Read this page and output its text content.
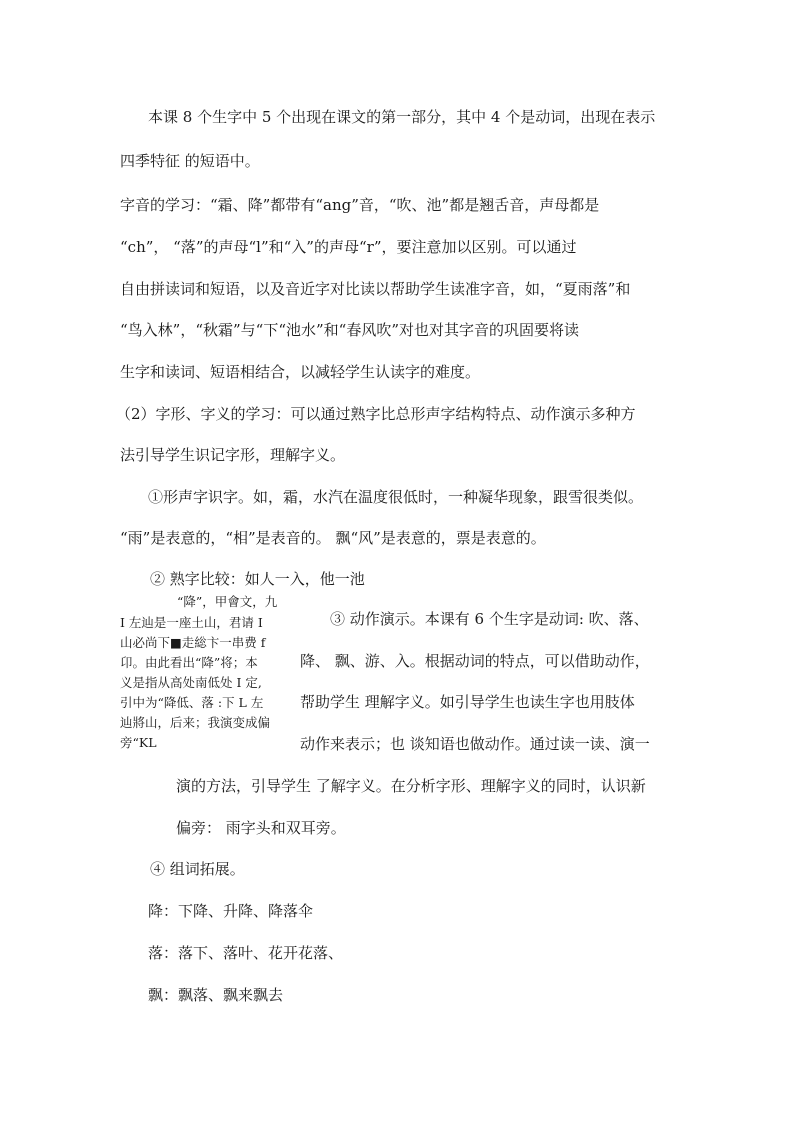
本课 8 个生字中 5 个出现在课文的第一部分，其中 4 个是动词，出现在表示
四季特征 的短语中。
字音的学习：“霜、降”都带有“ang”音，“吹、池”都是翘舌音，声母都是
“ch”， “落”的声母“l”和“入”的声母“r”，要注意加以区别。可以通过
自由拼读词和短语，以及音近字对比读以帮助学生读准字音，如，“夏雨落”和
“鸟入林”，“秋霜”与“下“池水”和“春风吹”对也对其字音的巩固要将读
生字和读词、短语相结合，以减轻学生认读字的难度。
（2）字形、字义的学习：可以通过熟字比总形声字结构特点、动作演示多种方
法引导学生识记字形，理解字义。
①形声字识字。如，霜，水汽在温度很低时，一种凝华现象，跟雪很类似。
“雨”是表意的，“相”是表音的。 飘“风”是表意的，票是表意的。
② 熟字比较：如人一入，他一池
“降”，甲會文，九
I 左辿是一座土山，君请 I
山必尚下■走総卞一串费 f
卬。由此看出“降”将；本
义是指从高处南低处 I 定,
引中为“降低、落 :下 L 左
辿將山，后来；我演变成偏
旁“KL
③ 动作演示。本课有 6 个生字是动词: 吹、落、
降、 飘、游、入。根据动词的特点，可以借助动作，
帮助学生 理解字义。如引导学生也读生字也用肢体
动作来表示；也 谈知语也做动作。通过读一读、演一
演的方法，引导学生 了解字义。在分析字形、理解字义的同时，认识新
偏旁： 雨字头和双耳旁。
④ 组词拓展。
降：下降、升降、降落伞
落：落下、落叶、花开花落、
飘：飘落、飘来飘去
